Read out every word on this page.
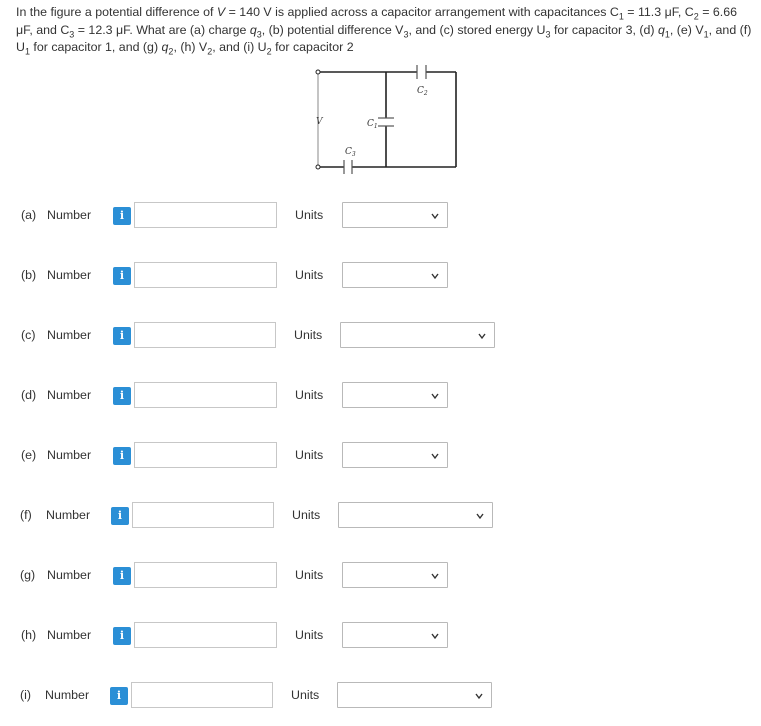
In the figure a potential difference of V = 140 V is applied across a capacitor arrangement with capacitances $C_1 = 11.3$ μF, $C_2 = 6.66$ μF, and $C_3 = 12.3$ μF. What are (a) charge $q_3$, (b) potential difference $V_3$, and (c) stored energy $U_3$ for capacitor 3, (d) $q_1$, (e) $V_1$, and (f) $U_1$ for capacitor 1, and (g) $q_2$, (h) $V_2$, and (i) $U_2$ for capacitor 2
V	$C_1$
$C_2$
$C_3$
(a) Number	i	Units
(b) Number	i	Units
(c) Number	i	Units
(d) Number	i	Units
(e) Number	i	Units
(f) Number	i	Units
(g) Number	i	Units
(h) Number	i	Units
(i) Number	i	Units
